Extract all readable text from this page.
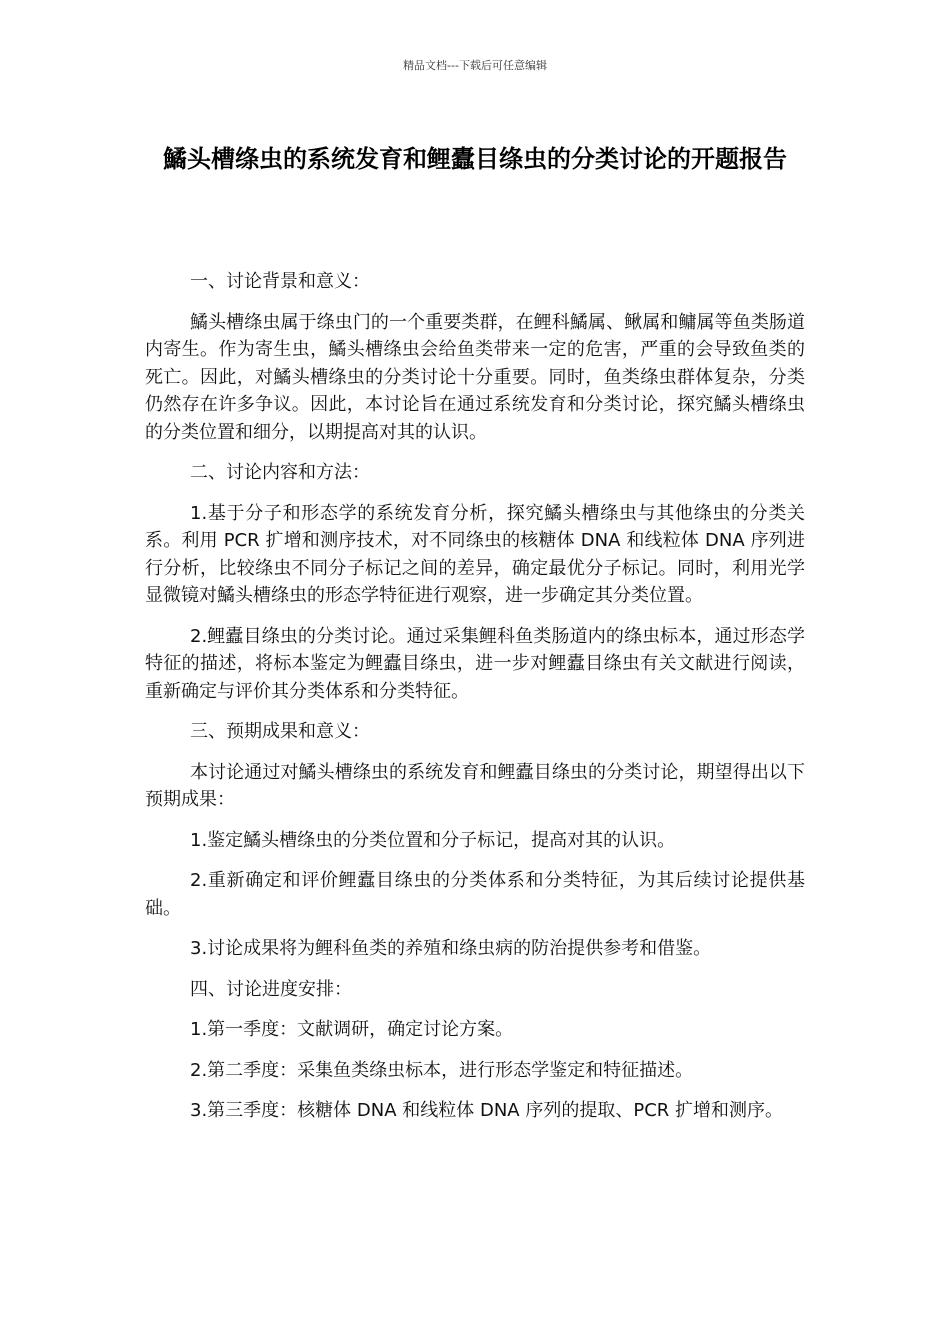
精品文档---下载后可任意编辑
鱊头槽绦虫的系统发育和鲤蠹目绦虫的分类讨论的开题报告

一、讨论背景和意义：

鱊头槽绦虫属于绦虫门的一个重要类群，在鲤科鱊属、鳅属和鳙属等鱼类肠道内寄生。作为寄生虫，鱊头槽绦虫会给鱼类带来一定的危害，严重的会导致鱼类的死亡。因此，对鱊头槽绦虫的分类讨论十分重要。同时，鱼类绦虫群体复杂，分类仍然存在许多争议。因此，本讨论旨在通过系统发育和分类讨论，探究鱊头槽绦虫的分类位置和细分，以期提高对其的认识。

二、讨论内容和方法：

1.基于分子和形态学的系统发育分析，探究鱊头槽绦虫与其他绦虫的分类关系。利用 PCR 扩增和测序技术，对不同绦虫的核糖体 DNA 和线粒体 DNA 序列进行分析，比较绦虫不同分子标记之间的差异，确定最优分子标记。同时，利用光学显微镜对鱊头槽绦虫的形态学特征进行观察，进一步确定其分类位置。

2.鲤蠹目绦虫的分类讨论。通过采集鲤科鱼类肠道内的绦虫标本，通过形态学特征的描述，将标本鉴定为鲤蠹目绦虫，进一步对鲤蠹目绦虫有关文献进行阅读，重新确定与评价其分类体系和分类特征。

三、预期成果和意义：

本讨论通过对鱊头槽绦虫的系统发育和鲤蠹目绦虫的分类讨论，期望得出以下预期成果：

1.鉴定鱊头槽绦虫的分类位置和分子标记，提高对其的认识。

2.重新确定和评价鲤蠹目绦虫的分类体系和分类特征，为其后续讨论提供基础。

3.讨论成果将为鲤科鱼类的养殖和绦虫病的防治提供参考和借鉴。

四、讨论进度安排：

1.第一季度：文献调研，确定讨论方案。

2.第二季度：采集鱼类绦虫标本，进行形态学鉴定和特征描述。

3.第三季度：核糖体 DNA 和线粒体 DNA 序列的提取、PCR 扩增和测序。
